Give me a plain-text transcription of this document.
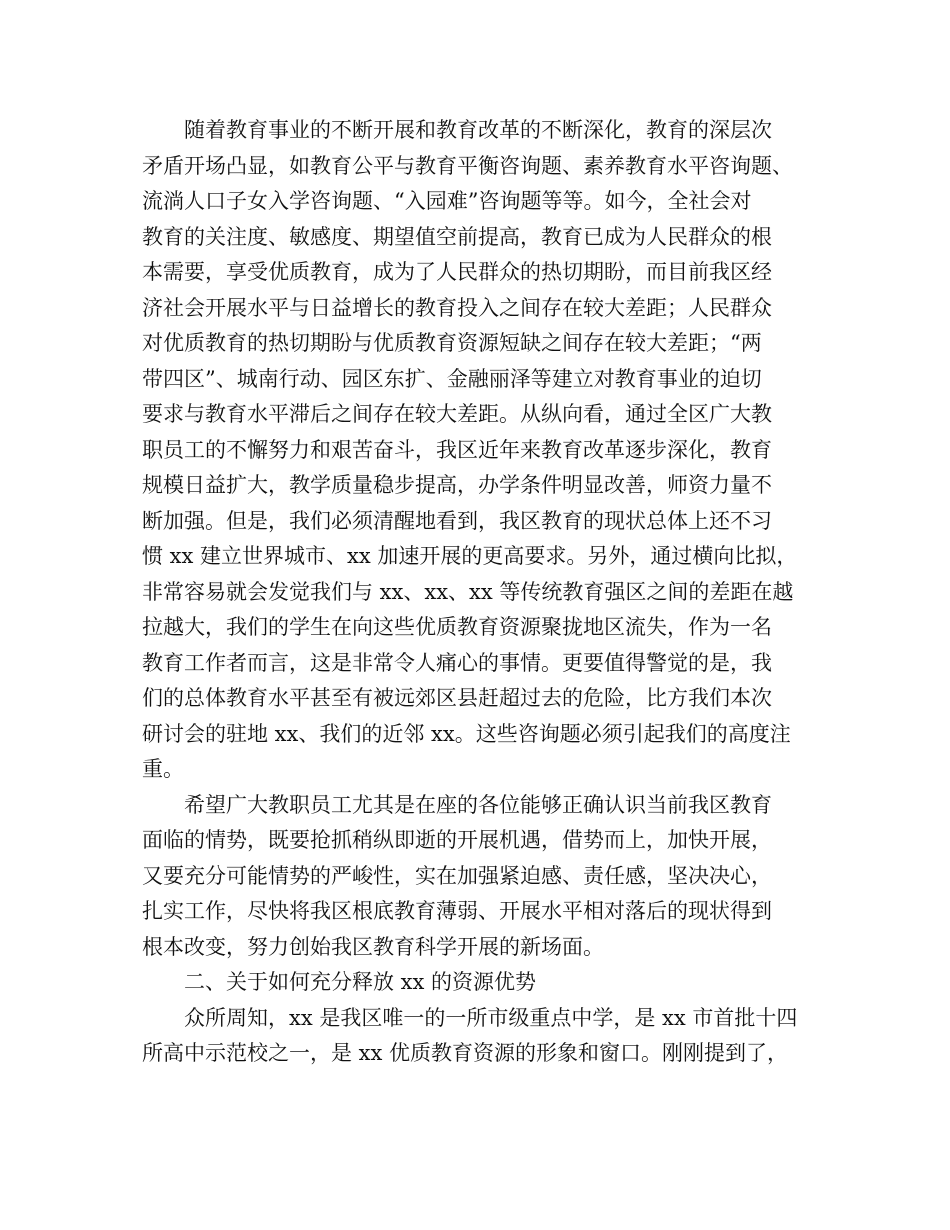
随着教育事业的不断开展和教育改革的不断深化，教育的深层次
矛盾开场凸显，如教育公平与教育平衡咨询题、素养教育水平咨询题、
流淌人口子女入学咨询题、“入园难”咨询题等等。如今，全社会对
教育的关注度、敏感度、期望值空前提高，教育已成为人民群众的根
本需要，享受优质教育，成为了人民群众的热切期盼，而目前我区经
济社会开展水平与日益增长的教育投入之间存在较大差距；人民群众
对优质教育的热切期盼与优质教育资源短缺之间存在较大差距；“两
带四区”、城南行动、园区东扩、金融丽泽等建立对教育事业的迫切
要求与教育水平滞后之间存在较大差距。从纵向看，通过全区广大教
职员工的不懈努力和艰苦奋斗，我区近年来教育改革逐步深化，教育
规模日益扩大，教学质量稳步提高，办学条件明显改善，师资力量不
断加强。但是，我们必须清醒地看到，我区教育的现状总体上还不习
惯 xx 建立世界城市、xx 加速开展的更高要求。另外，通过横向比拟，
非常容易就会发觉我们与 xx、xx、xx 等传统教育强区之间的差距在越
拉越大，我们的学生在向这些优质教育资源聚拢地区流失，作为一名
教育工作者而言，这是非常令人痛心的事情。更要值得警觉的是，我
们的总体教育水平甚至有被远郊区县赶超过去的危险，比方我们本次
研讨会的驻地 xx、我们的近邻 xx。这些咨询题必须引起我们的高度注
重。
希望广大教职员工尤其是在座的各位能够正确认识当前我区教育
面临的情势，既要抢抓稍纵即逝的开展机遇，借势而上，加快开展，
又要充分可能情势的严峻性，实在加强紧迫感、责任感，坚决决心，
扎实工作，尽快将我区根底教育薄弱、开展水平相对落后的现状得到
根本改变，努力创始我区教育科学开展的新场面。
二、关于如何充分释放 xx 的资源优势
众所周知，xx 是我区唯一的一所市级重点中学，是 xx 市首批十四
所高中示范校之一，是 xx 优质教育资源的形象和窗口。刚刚提到了，
